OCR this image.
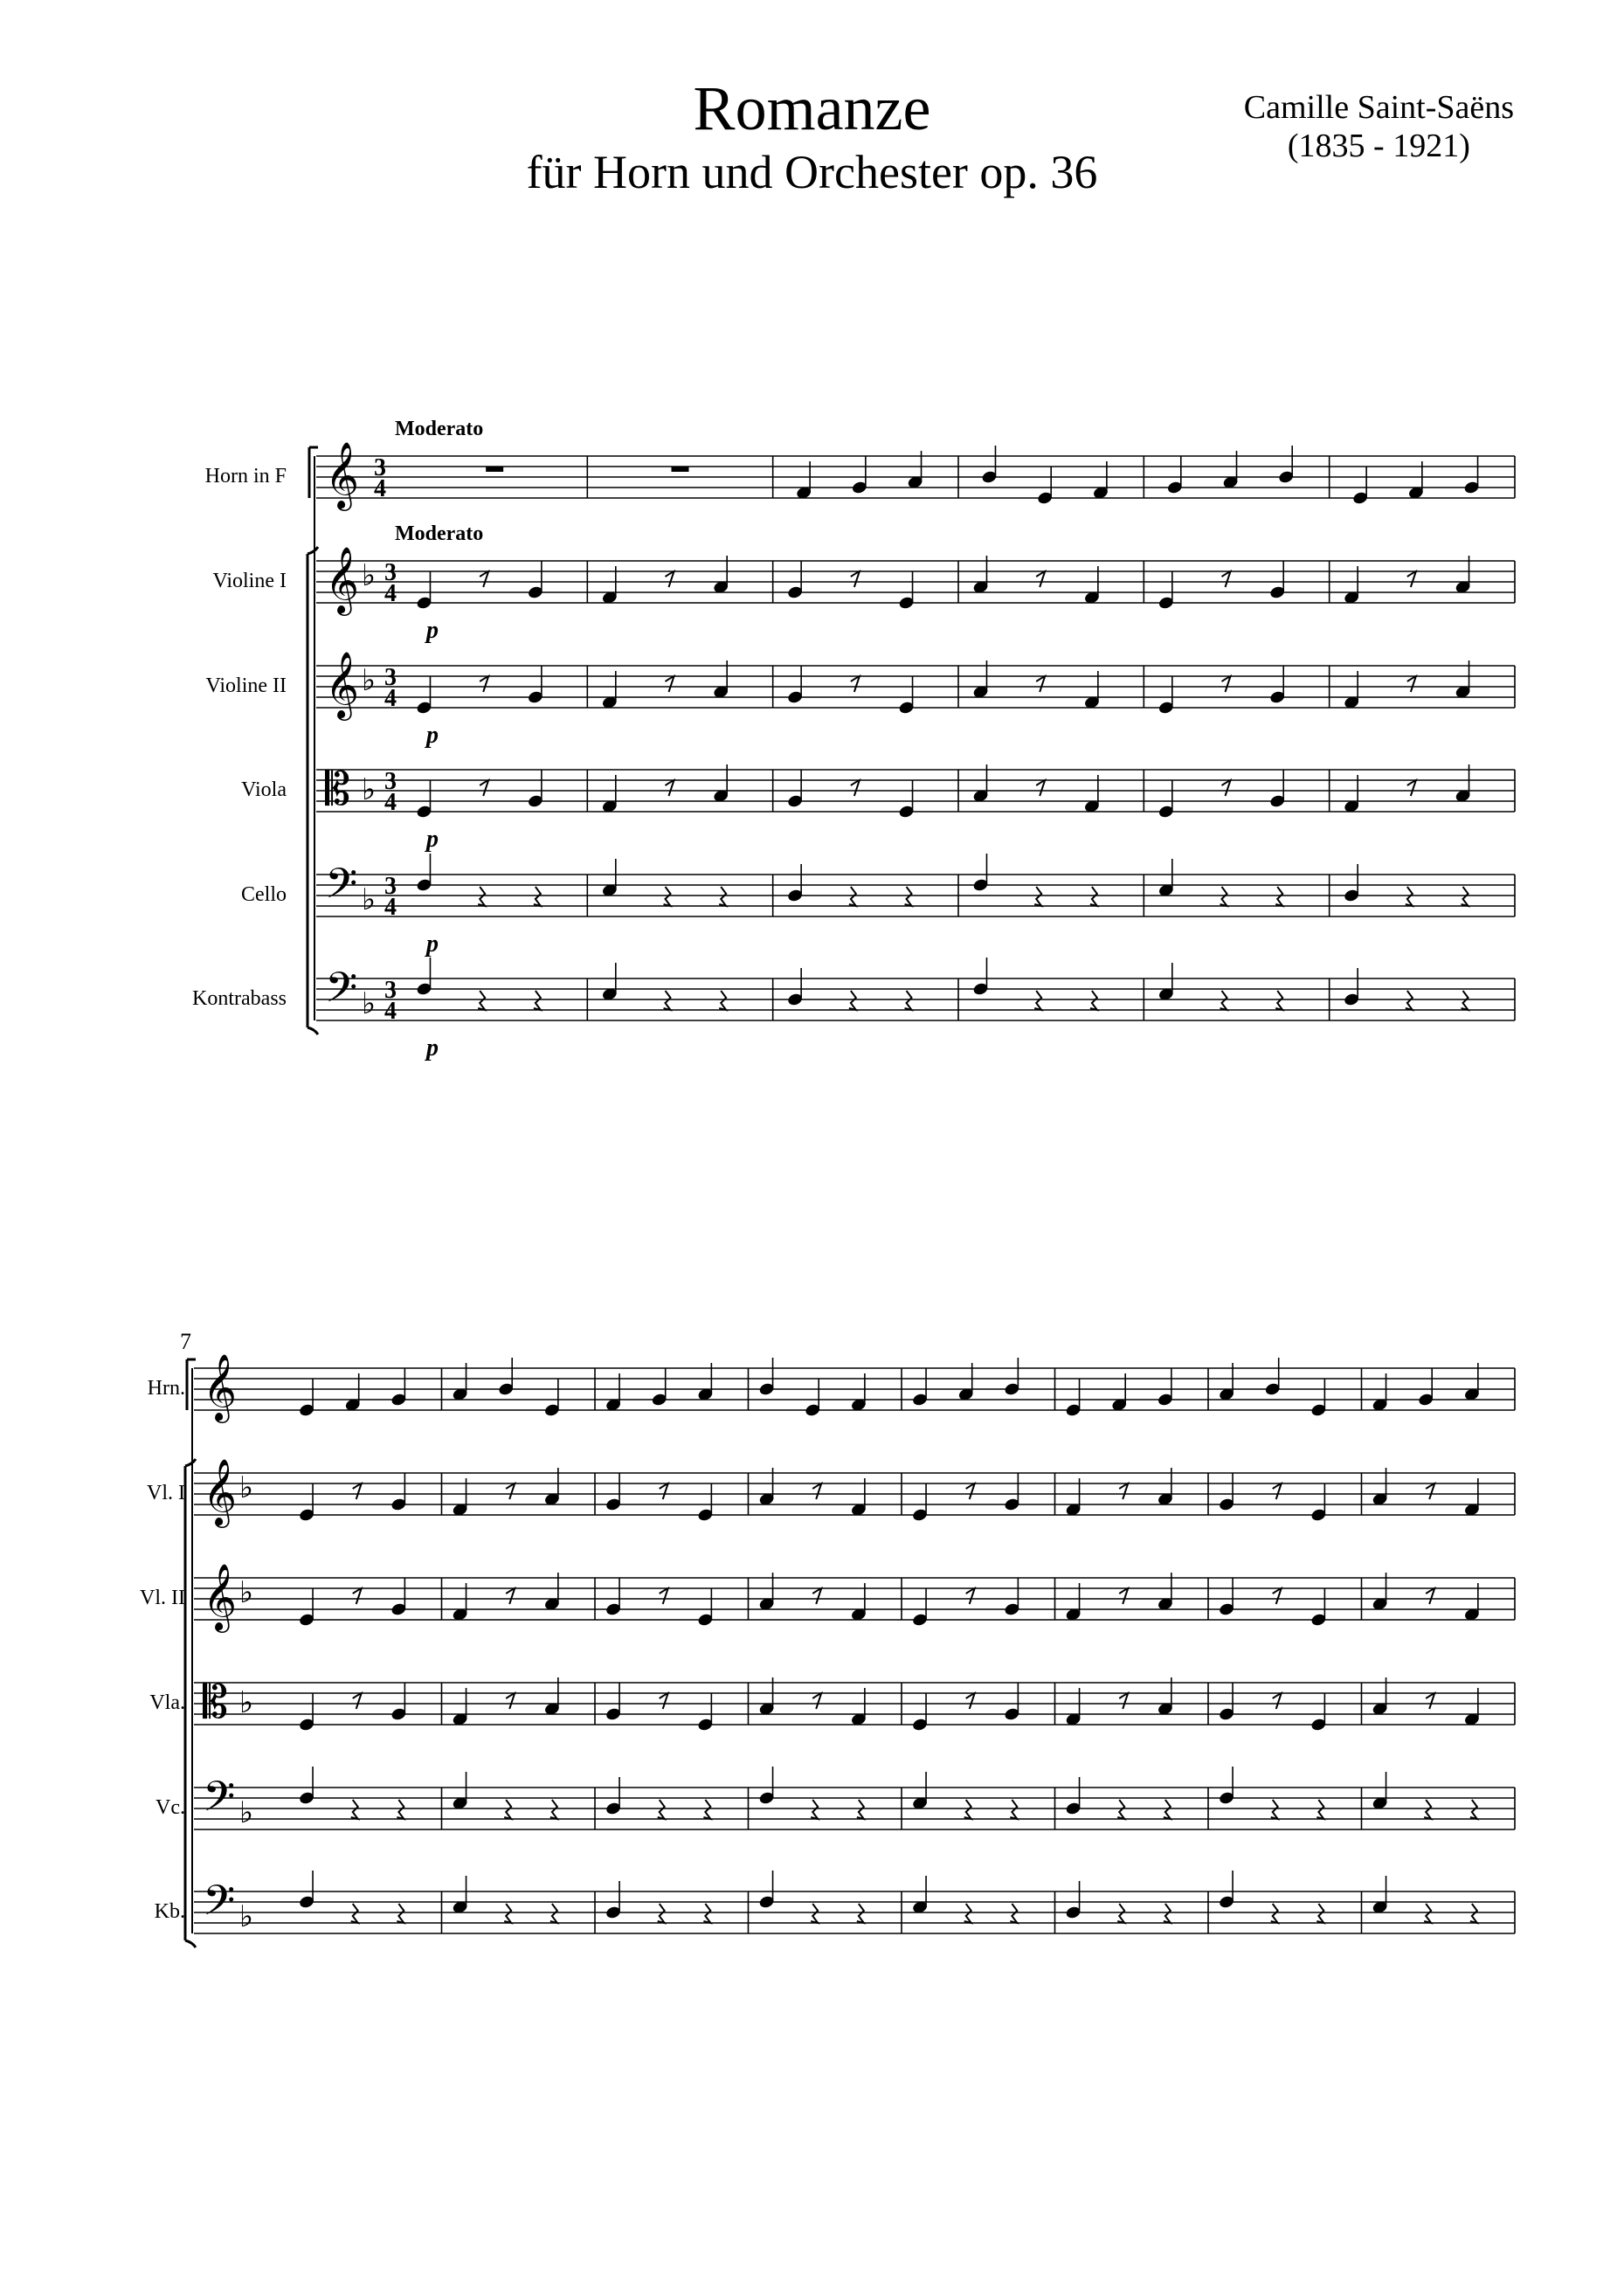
Romanze
für Horn und Orchester op. 36
Camille Saint-Saëns
(1835 - 1921)
Horn in F 𝄞 3
4
Moderato
Violine I 𝄞 ♭ 3
4
Moderato
p
Violine II 𝄞 ♭ 3
4
p
Viola 𝄡 ♭ 3
4
p
Cello 𝄢 ♭ 3
4
p
Kontrabass 𝄢 ♭ 3
4
p
Hrn. 𝄞
Vl. I 𝄞 ♭
Vl. II 𝄞 ♭
Vla. 𝄡 ♭
Vc. 𝄢 ♭
Kb. 𝄢 ♭
7
